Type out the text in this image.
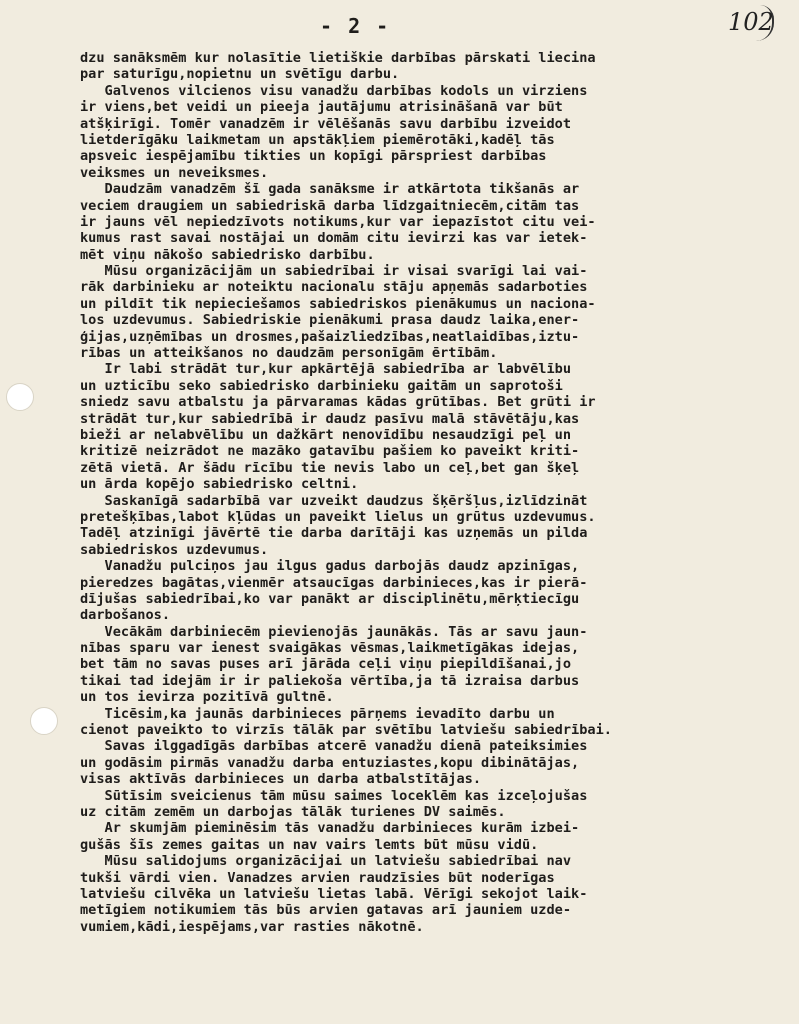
- 2 -	102
dzu sanāksmēm kur nolasītie lietiškie darbības pārskati liecina
par saturīgu,nopietnu un svētīgu darbu.
Galvenos vilcienos visu vanadžu darbības kodols un virziens
ir viens,bet veidi un pieeja jautājumu atrisināšanā var būt
atšķirīgi. Tomēr vanadzēm ir vēlēšanās savu darbību izveidot
lietderīgāku laikmetam un apstākļiem piemērotāki,kadēļ tās
apsveic iespējamību tikties un kopīgi pārspriest darbības
veiksmes un neveiksmes.
Daudzām vanadzēm šī gada sanāksme ir atkārtota tikšanās ar
veciem draugiem un sabiedriskā darba līdzgaitniecēm,citām tas
ir jauns vēl nepiedzīvots notikums,kur var iepazīstot citu vei-
kumus rast savai nostājai un domām citu ievirzi kas var ietek-
mēt viņu nākošo sabiedrisko darbību.
Mūsu organizācijām un sabiedrībai ir visai svarīgi lai vai-
rāk darbinieku ar noteiktu nacionalu stāju apņemās sadarboties
un pildīt tik nepieciešamos sabiedriskos pienākumus un naciona-
los uzdevumus. Sabiedriskie pienākumi prasa daudz laika,ener-
ģijas,uzņēmības un drosmes,pašaizliedzības,neatlaidības,iztu-
rības un atteikšanos no daudzām personīgām ērtībām.
Ir labi strādāt tur,kur apkārtējā sabiedrība ar labvēlību
un uzticību seko sabiedrisko darbinieku gaitām un saprotoši
sniedz savu atbalstu ja pārvaramas kādas grūtības. Bet grūti ir
strādāt tur,kur sabiedrībā ir daudz pasīvu malā stāvētāju,kas
bieži ar nelabvēlību un dažkārt nenovīdību nesaudzīgi peļ un
kritizē neizrādot ne mazāko gatavību pašiem ko paveikt kriti-
zētā vietā. Ar šādu rīcību tie nevis labo un ceļ,bet gan šķeļ
un ārda kopējo sabiedrisko celtni.
Saskanīgā sadarbībā var uzveikt daudzus šķēršļus,izlīdzināt
pretešķības,labot kļūdas un paveikt lielus un grūtus uzdevumus.
Tadēļ atzinīgi jāvērtē tie darba darītāji kas uzņemās un pilda
sabiedriskos uzdevumus.
Vanadžu pulciņos jau ilgus gadus darbojās daudz apzinīgas,
pieredzes bagātas,vienmēr atsaucīgas darbinieces,kas ir pierā-
dījušas sabiedrībai,ko var panākt ar disciplinētu,mērķtiecīgu
darbošanos.
Vecākām darbiniecēm pievienojās jaunākās. Tās ar savu jaun-
nības sparu var ienest svaigākas vēsmas,laikmetīgākas idejas,
bet tām no savas puses arī jārāda ceļi viņu piepildīšanai,jo
tikai tad idejām ir ir paliekoša vērtība,ja tā izraisa darbus
un tos ievirza pozitīvā gultnē.
Ticēsim,ka jaunās darbinieces pārņems ievadīto darbu un
cienot paveikto to virzīs tālāk par svētību latviešu sabiedrībai.
Savas ilggadīgās darbības atcerē vanadžu dienā pateiksimies
un godāsim pirmās vanadžu darba entuziastes,kopu dibinātājas,
visas aktīvās darbinieces un darba atbalstītājas.
Sūtīsim sveicienus tām mūsu saimes loceklēm kas izceļojušas
uz citām zemēm un darbojas tālāk turienes DV saimēs.
Ar skumjām pieminēsim tās vanadžu darbinieces kurām izbei-
gušās šīs zemes gaitas un nav vairs lemts būt mūsu vidū.
Mūsu salidojums organizācijai un latviešu sabiedrībai nav
tukši vārdi vien. Vanadzes arvien raudzīsies būt noderīgas
latviešu cilvēka un latviešu lietas labā. Vērīgi sekojot laik-
metīgiem notikumiem tās būs arvien gatavas arī jauniem uzde-
vumiem,kādi,iespējams,var rasties nākotnē.
